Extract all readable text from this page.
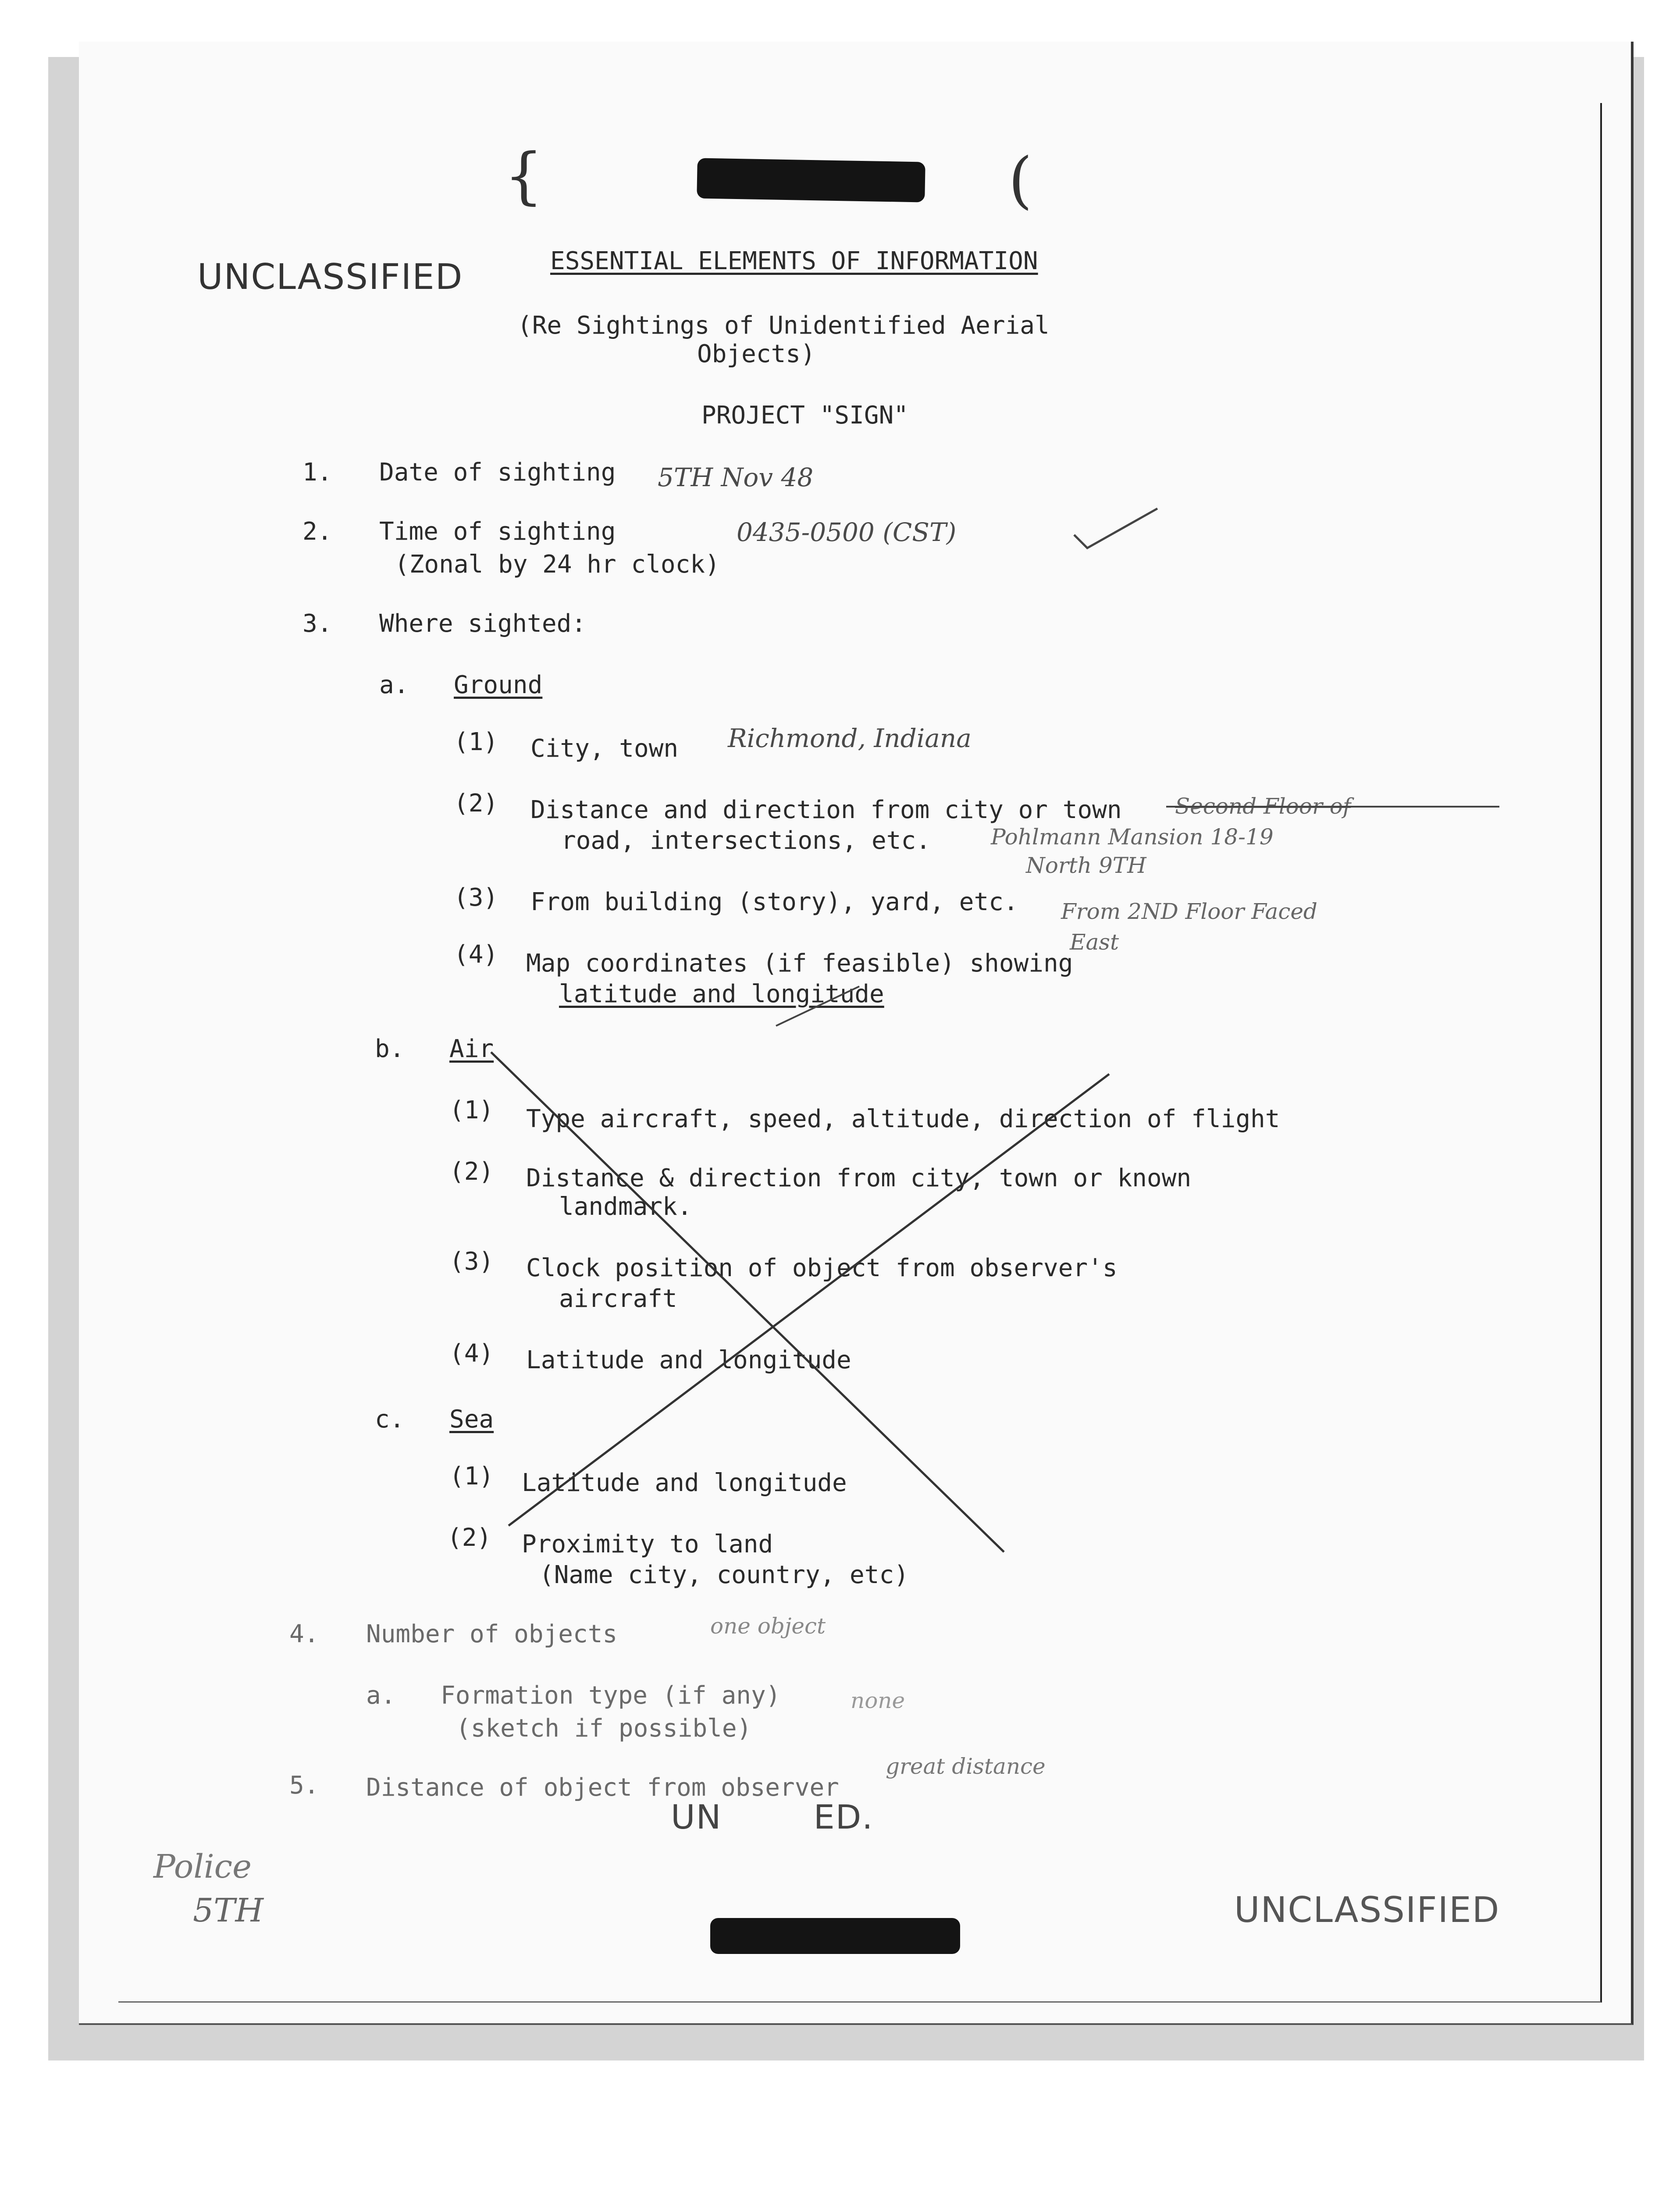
{	(
UNCLASSIFIED
UNCLASSIFIED
UN        ED.
ESSENTIAL ELEMENTS OF INFORMATION
(Re Sightings of Unidentified Aerial
Objects)
PROJECT "SIGN"
1. Date of sighting 5TH Nov 48
2. Time of sighting
(Zonal by 24 hr clock)
0435-0500 (CST)
3. Where sighted:
a. Ground
(1) City, town Richmond, Indiana
(2) Distance and direction from city or town
road, intersections, etc.
Second Floor of
Pohlmann Mansion 18-19
North 9TH
(3) From building (story), yard, etc. From 2ND Floor Faced
East
(4) Map coordinates (if feasible) showing
latitude and longitude
b. Air
(1) Type aircraft, speed, altitude, direction of flight
(2) Distance & direction from city, town or known
landmark.
(3) Clock position of object from observer's
aircraft
(4) Latitude and longitude
c. Sea
(1) Latitude and longitude
(2) Proximity to land
(Name city, country, etc)
4. Number of objects	one object
a. Formation type (if any)
(sketch if possible)
none
5. Distance of object from observer
great distance
Police
5TH
